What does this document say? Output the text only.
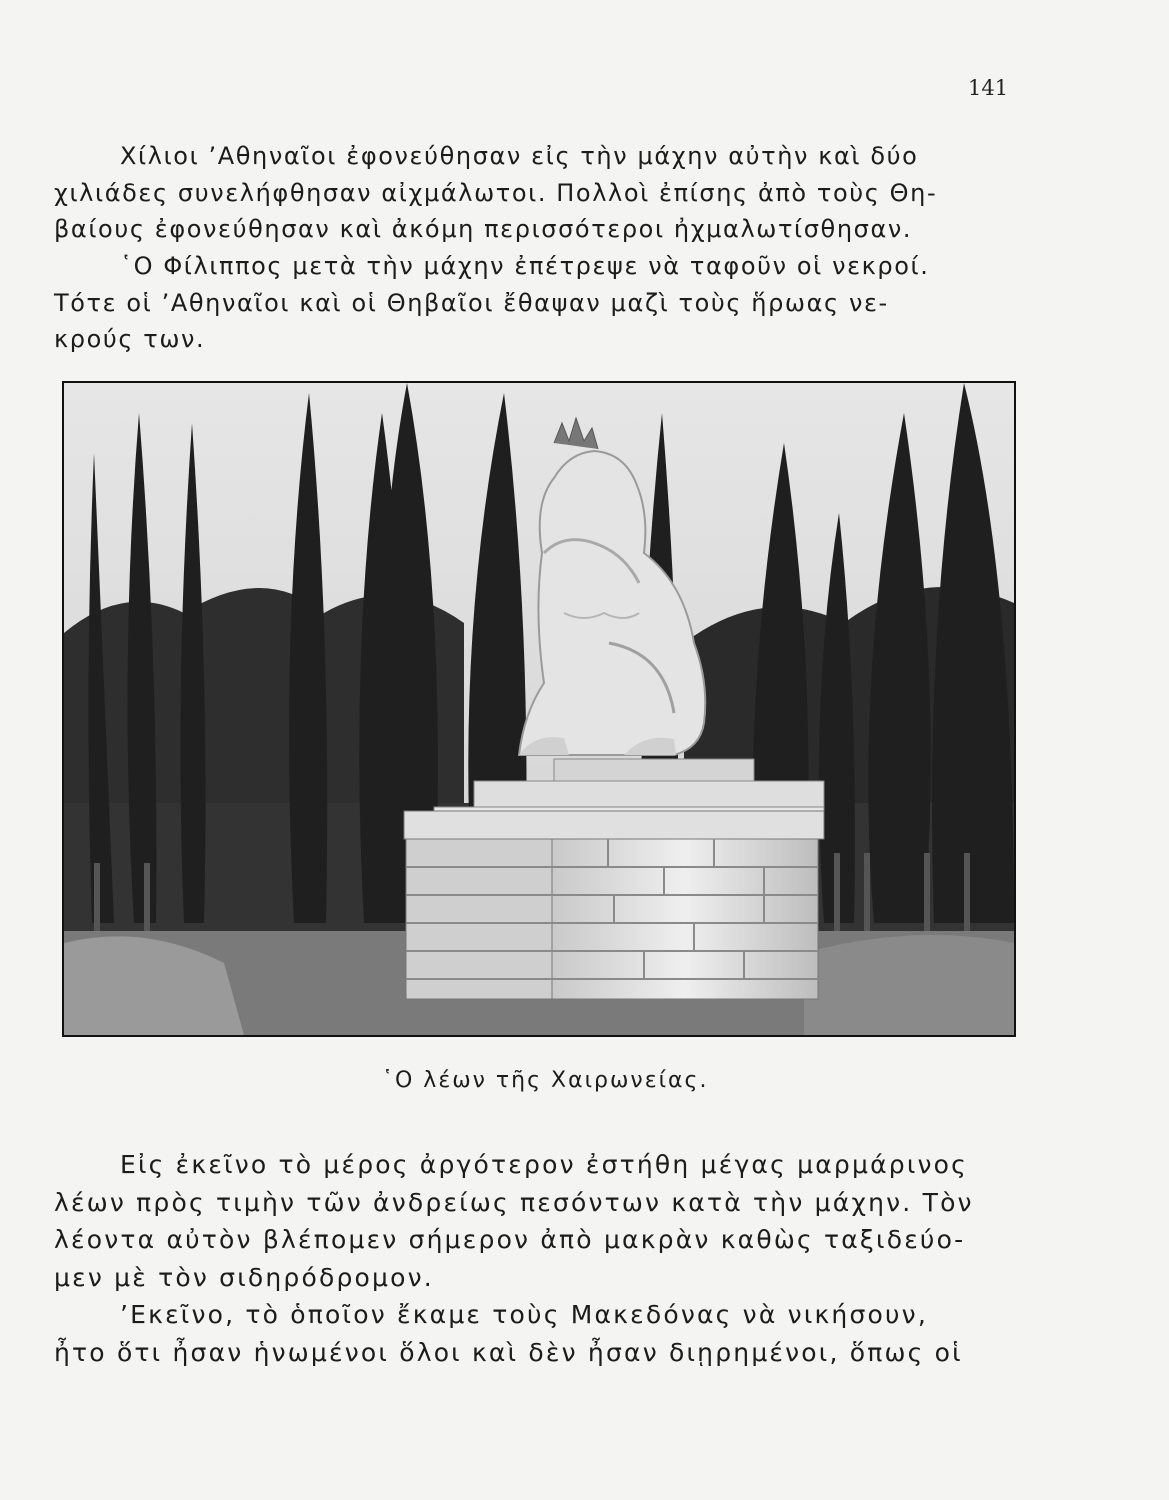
141

Χίλιοι ’Αθηναῖοι ἐφονεύθησαν εἰς τὴν μάχην αὐτὴν καὶ δύο
χιλιάδες συνελήφθησαν αἰχμάλωτοι. Πολλοὶ ἐπίσης ἀπὸ τοὺς Θη-
βαίους ἐφονεύθησαν καὶ ἀκόμη περισσότεροι ἠχμαλωτίσθησαν.

῾Ο Φίλιππος μετὰ τὴν μάχην ἐπέτρεψε νὰ ταφοῦν οἱ νεκροί.
Τότε οἱ ’Αθηναῖοι καὶ οἱ Θηβαῖοι ἔθαψαν μαζὶ τοὺς ἥρωας νε-
κρούς των.

῾Ο λέων τῆς Χαιρωνείας.

Εἰς ἐκεῖνο τὸ μέρος ἀργότερον ἐστήθη μέγας μαρμάρινος
λέων πρὸς τιμὴν τῶν ἀνδρείως πεσόντων κατὰ τὴν μάχην. Τὸν
λέοντα αὐτὸν βλέπομεν σήμερον ἀπὸ μακρὰν καθὼς ταξιδεύο-
μεν μὲ τὸν σιδηρόδρομον.

’Εκεῖνο, τὸ ὁποῖον ἔκαμε τοὺς Μακεδόνας νὰ νικήσουν,
ἦτο ὅτι ἦσαν ἡνωμένοι ὅλοι καὶ δὲν ἦσαν διῃρημένοι, ὅπως οἱ
